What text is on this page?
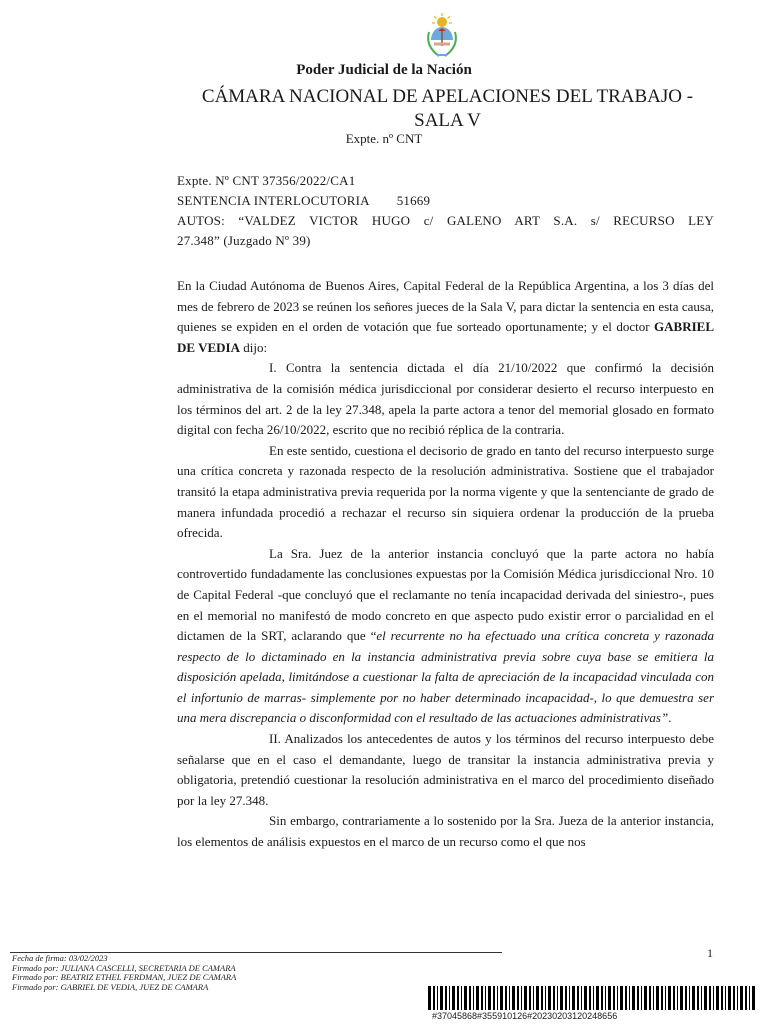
Poder Judicial de la Nación
CÁMARA NACIONAL DE APELACIONES DEL TRABAJO - SALA V
Expte. nº CNT
Expte. Nº CNT 37356/2022/CA1
SENTENCIA INTERLOCUTORIA 51669
AUTOS: “VALDEZ VICTOR HUGO c/ GALENO ART S.A. s/ RECURSO LEY
27.348” (Juzgado Nº 39)

En la Ciudad Autónoma de Buenos Aires, Capital Federal de la República Argentina, a los 3 días del mes de febrero de 2023 se reúnen los señores jueces de la Sala V, para dictar la sentencia en esta causa, quienes se expiden en el orden de votación que fue sorteado oportunamente; y el doctor GABRIEL DE VEDIA dijo:

I. Contra la sentencia dictada el día 21/10/2022 que confirmó la decisión administrativa de la comisión médica jurisdiccional por considerar desierto el recurso interpuesto en los términos del art. 2 de la ley 27.348, apela la parte actora a tenor del memorial glosado en formato digital con fecha 26/10/2022, escrito que no recibió réplica de la contraria.

En este sentido, cuestiona el decisorio de grado en tanto del recurso interpuesto surge una crítica concreta y razonada respecto de la resolución administrativa. Sostiene que el trabajador transitó la etapa administrativa previa requerida por la norma vigente y que la sentenciante de grado de manera infundada procedió a rechazar el recurso sin siquiera ordenar la producción de la prueba ofrecida.

La Sra. Juez de la anterior instancia concluyó que la parte actora no había controvertido fundadamente las conclusiones expuestas por la Comisión Médica jurisdiccional Nro. 10 de Capital Federal -que concluyó que el reclamante no tenía incapacidad derivada del siniestro-, pues en el memorial no manifestó de modo concreto en que aspecto pudo existir error o parcialidad en el dictamen de la SRT, aclarando que “el recurrente no ha efectuado una crítica concreta y razonada respecto de lo dictaminado en la instancia administrativa previa sobre cuya base se emitiera la disposición apelada, limitándose a cuestionar la falta de apreciación de la incapacidad vinculada con el infortunio de marras- simplemente por no haber determinado incapacidad-, lo que demuestra ser una mera discrepancia o disconformidad con el resultado de las actuaciones administrativas”.

II. Analizados los antecedentes de autos y los términos del recurso interpuesto debe señalarse que en el caso el demandante, luego de transitar la instancia administrativa previa y obligatoria, pretendió cuestionar la resolución administrativa en el marco del procedimiento diseñado por la ley 27.348.

Sin embargo, contrariamente a lo sostenido por la Sra. Jueza de la anterior instancia, los elementos de análisis expuestos en el marco de un recurso como el que nos

Fecha de firma: 03/02/2023
Firmado por: JULIANA CASCELLI, SECRETARIA DE CAMARA
Firmado por: BEATRIZ ETHEL FERDMAN, JUEZ DE CAMARA
Firmado por: GABRIEL DE VEDIA, JUEZ DE CAMARA
1
#37045868#355910126#20230203120248656
